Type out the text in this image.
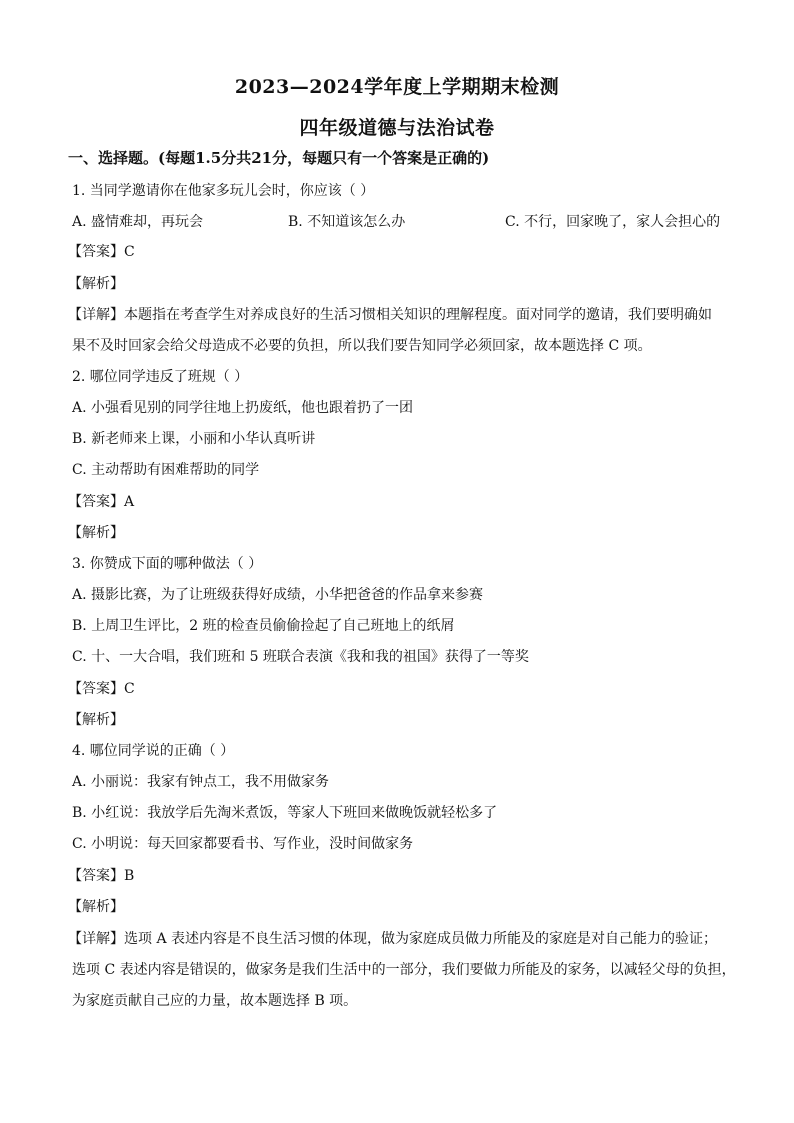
2023—2024学年度上学期期末检测
四年级道德与法治试卷
一、选择题。(每题1.5分共21分，每题只有一个答案是正确的)
1. 当同学邀请你在他家多玩儿会时，你应该（ ）
A. 盛情难却，再玩会	B. 不知道该怎么办	C. 不行，回家晚了，家人会担心的
【答案】C
【解析】
【详解】本题指在考查学生对养成良好的生活习惯相关知识的理解程度。面对同学的邀请，我们要明确如
果不及时回家会给父母造成不必要的负担，所以我们要告知同学必须回家，故本题选择 C 项。
2. 哪位同学违反了班规（ ）
A. 小强看见别的同学往地上扔废纸，他也跟着扔了一团
B. 新老师来上课，小丽和小华认真听讲
C. 主动帮助有困难帮助的同学
【答案】A
【解析】
3. 你赞成下面的哪种做法（ ）
A. 摄影比赛，为了让班级获得好成绩，小华把爸爸的作品拿来参赛
B. 上周卫生评比，2 班的检查员偷偷捡起了自己班地上的纸屑
C. 十、一大合唱，我们班和 5 班联合表演《我和我的祖国》获得了一等奖
【答案】C
【解析】
4. 哪位同学说的正确（ ）
A. 小丽说：我家有钟点工，我不用做家务
B. 小红说：我放学后先淘米煮饭，等家人下班回来做晚饭就轻松多了
C. 小明说：每天回家都要看书、写作业，没时间做家务
【答案】B
【解析】
【详解】选项 A 表述内容是不良生活习惯的体现，做为家庭成员做力所能及的家庭是对自己能力的验证；
选项 C 表述内容是错误的，做家务是我们生活中的一部分，我们要做力所能及的家务，以减轻父母的负担，
为家庭贡献自己应的力量，故本题选择 B 项。
